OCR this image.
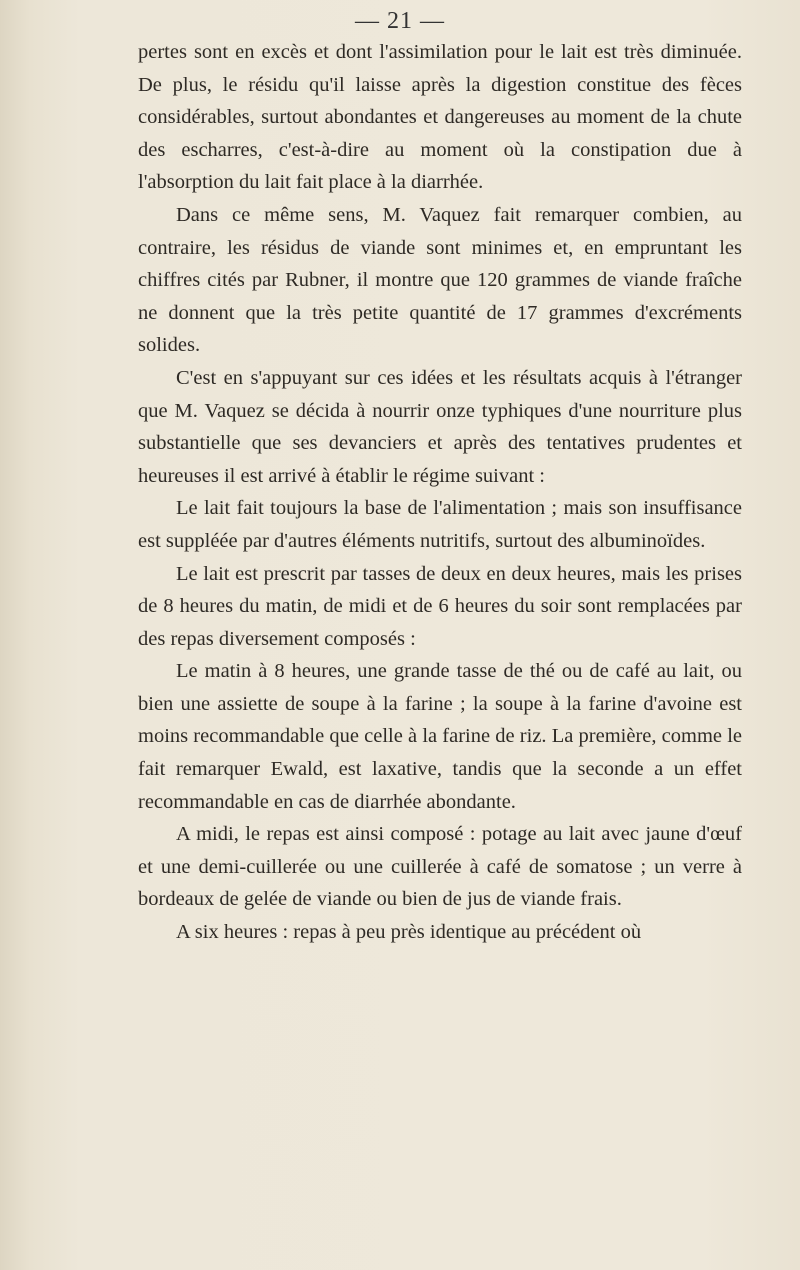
— 21 —

pertes sont en excès et dont l'assimilation pour le lait est très diminuée. De plus, le résidu qu'il laisse après la digestion constitue des fèces considérables, surtout abondantes et dangereuses au moment de la chute des escharres, c'est-à-dire au moment où la constipation due à l'absorption du lait fait place à la diarrhée.

Dans ce même sens, M. Vaquez fait remarquer combien, au contraire, les résidus de viande sont minimes et, en empruntant les chiffres cités par Rubner, il montre que 120 grammes de viande fraîche ne donnent que la très petite quantité de 17 grammes d'excréments solides.

C'est en s'appuyant sur ces idées et les résultats acquis à l'étranger que M. Vaquez se décida à nourrir onze typhiques d'une nourriture plus substantielle que ses devanciers et après des tentatives prudentes et heureuses il est arrivé à établir le régime suivant :

Le lait fait toujours la base de l'alimentation ; mais son insuffisance est suppléée par d'autres éléments nutritifs, surtout des albuminoïdes.

Le lait est prescrit par tasses de deux en deux heures, mais les prises de 8 heures du matin, de midi et de 6 heures du soir sont remplacées par des repas diversement composés :

Le matin à 8 heures, une grande tasse de thé ou de café au lait, ou bien une assiette de soupe à la farine ; la soupe à la farine d'avoine est moins recommandable que celle à la farine de riz. La première, comme le fait remarquer Ewald, est laxative, tandis que la seconde a un effet recommandable en cas de diarrhée abondante.

A midi, le repas est ainsi composé : potage au lait avec jaune d'œuf et une demi-cuillerée ou une cuillerée à café de somatose ; un verre à bordeaux de gelée de viande ou bien de jus de viande frais.

A six heures : repas à peu près identique au précédent où
